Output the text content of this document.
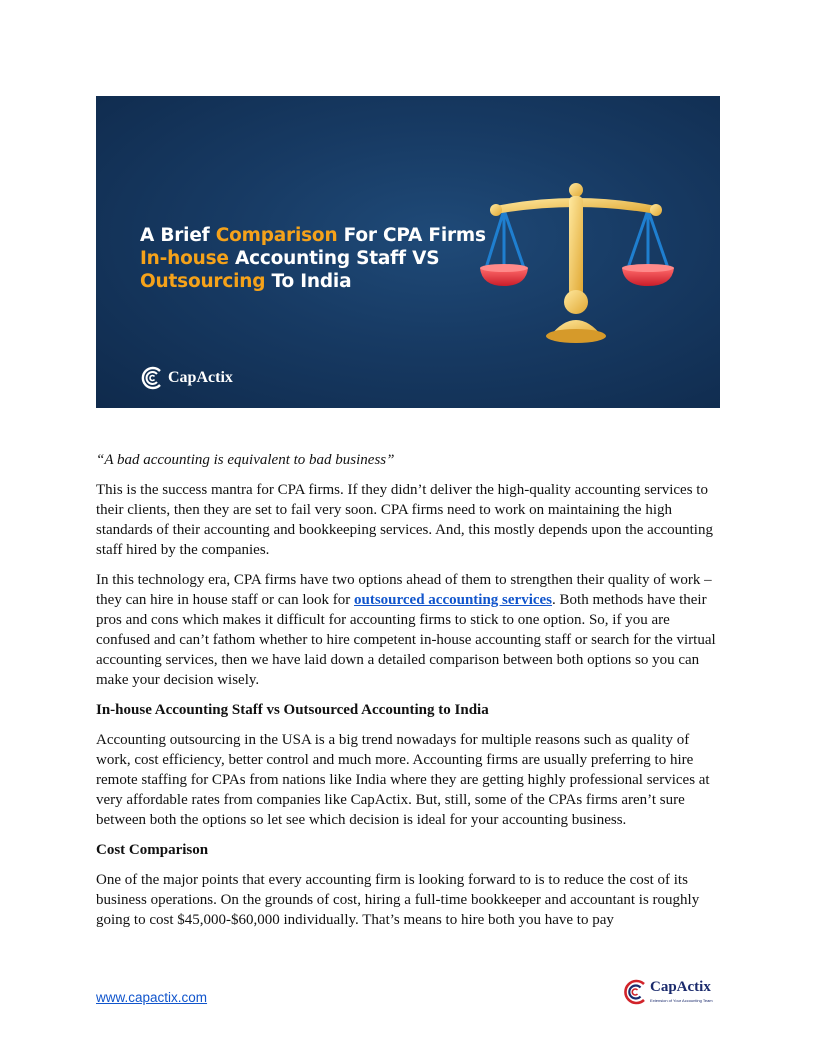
A Brief Comparison For CPA Firms
In-house Accounting Staff VS
Outsourcing To India
CapActix

“A bad accounting is equivalent to bad business”

This is the success mantra for CPA firms. If they didn’t deliver the high-quality accounting services to their clients, then they are set to fail very soon. CPA firms need to work on maintaining the high standards of their accounting and bookkeeping services. And, this mostly depends upon the accounting staff hired by the companies.

In this technology era, CPA firms have two options ahead of them to strengthen their quality of work – they can hire in house staff or can look for outsourced accounting services. Both methods have their pros and cons which makes it difficult for accounting firms to stick to one option. So, if you are confused and can’t fathom whether to hire competent in-house accounting staff or search for the virtual accounting services, then we have laid down a detailed comparison between both options so you can make your decision wisely.

In-house Accounting Staff vs Outsourced Accounting to India

Accounting outsourcing in the USA is a big trend nowadays for multiple reasons such as quality of work, cost efficiency, better control and much more. Accounting firms are usually preferring to hire remote staffing for CPAs from nations like India where they are getting highly professional services at very affordable rates from companies like CapActix. But, still, some of the CPAs firms aren’t sure between both the options so let see which decision is ideal for your accounting business.

Cost Comparison

One of the major points that every accounting firm is looking forward to is to reduce the cost of its business operations. On the grounds of cost, hiring a full-time bookkeeper and accountant is roughly going to cost $45,000-$60,000 individually. That’s means to hire both you have to pay

www.capactix.com
CapActix
Extension of Your Accounting Team
